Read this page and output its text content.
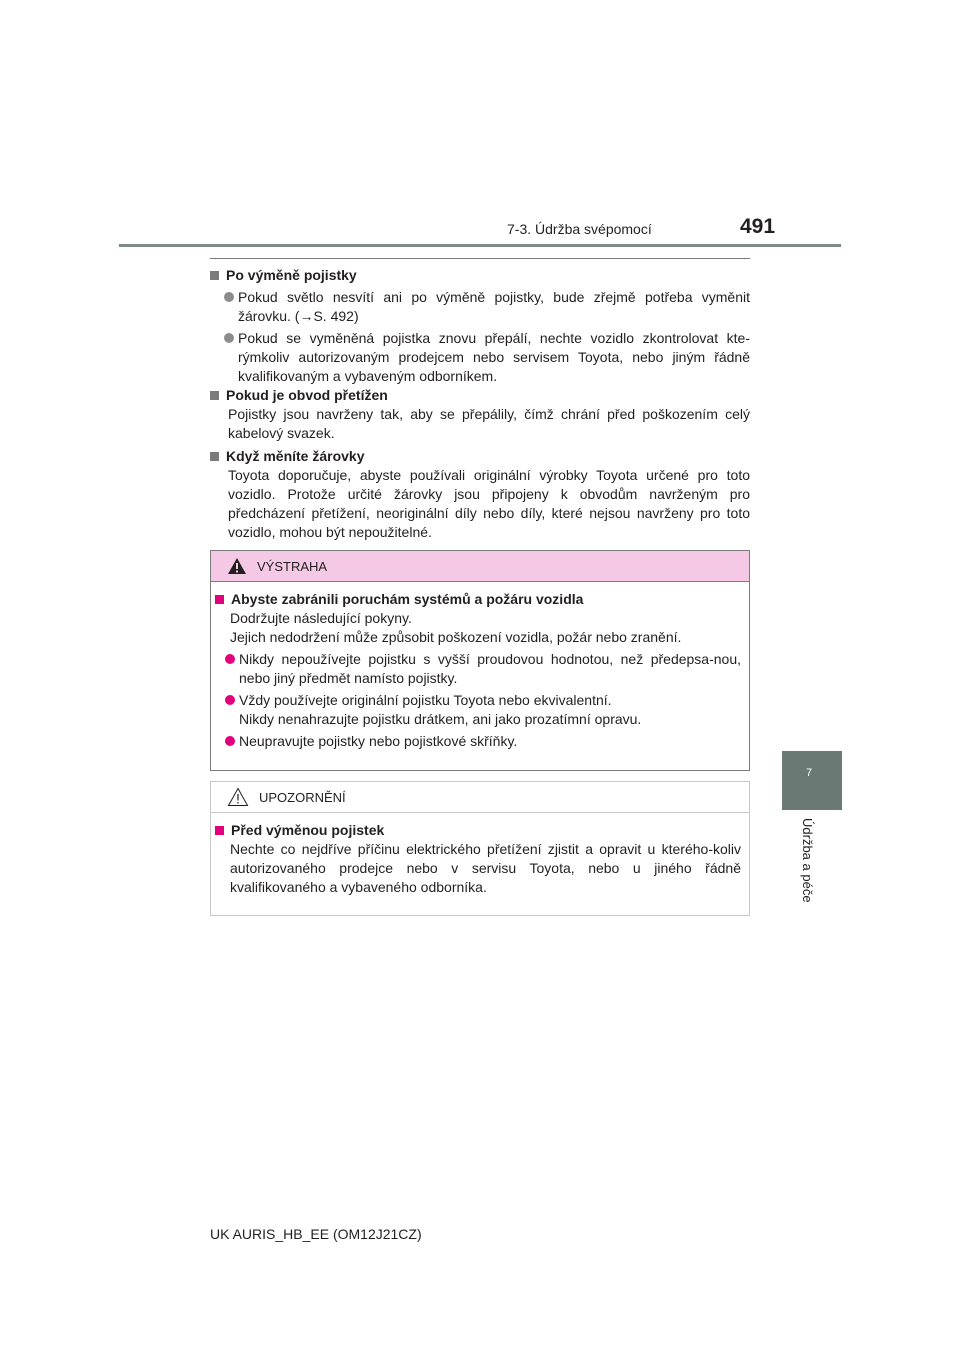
7-3. Údržba svépomocí	491
7
Údržba a péče
Po výměně pojistky

Pokud světlo nesvítí ani po výměně pojistky, bude zřejmě potřeba vyměnit žárovku. (→S. 492)

Pokud se vyměněná pojistka znovu přepálí, nechte vozidlo zkontrolovat kte-rýmkoliv autorizovaným prodejcem nebo servisem Toyota, nebo jiným řádně kvalifikovaným a vybaveným odborníkem.

Pokud je obvod přetížen
Pojistky jsou navrženy tak, aby se přepálily, čímž chrání před poškozením celý kabelový svazek.
Když měníte žárovky
Toyota doporučuje, abyste používali originální výrobky Toyota určené pro toto vozidlo. Protože určité žárovky jsou připojeny k obvodům navrženým pro předcházení přetížení, neoriginální díly nebo díly, které nejsou navrženy pro toto vozidlo, mohou být nepoužitelné.
VÝSTRAHA
Abyste zabránili poruchám systémů a požáru vozidla
Dodržujte následující pokyny.
Jejich nedodržení může způsobit poškození vozidla, požár nebo zranění.

Nikdy nepoužívejte pojistku s vyšší proudovou hodnotou, než předepsa-nou, nebo jiný předmět namísto pojistky.

Vždy používejte originální pojistku Toyota nebo ekvivalentní.
Nikdy nenahrazujte pojistku drátkem, ani jako prozatímní opravu.

Neupravujte pojistky nebo pojistkové skříňky.

UPOZORNĚNÍ
Před výměnou pojistek
Nechte co nejdříve příčinu elektrického přetížení zjistit a opravit u kterého-koliv autorizovaného prodejce nebo v servisu Toyota, nebo u jiného řádně kvalifikovaného a vybaveného odborníka.
UK AURIS_HB_EE (OM12J21CZ)
